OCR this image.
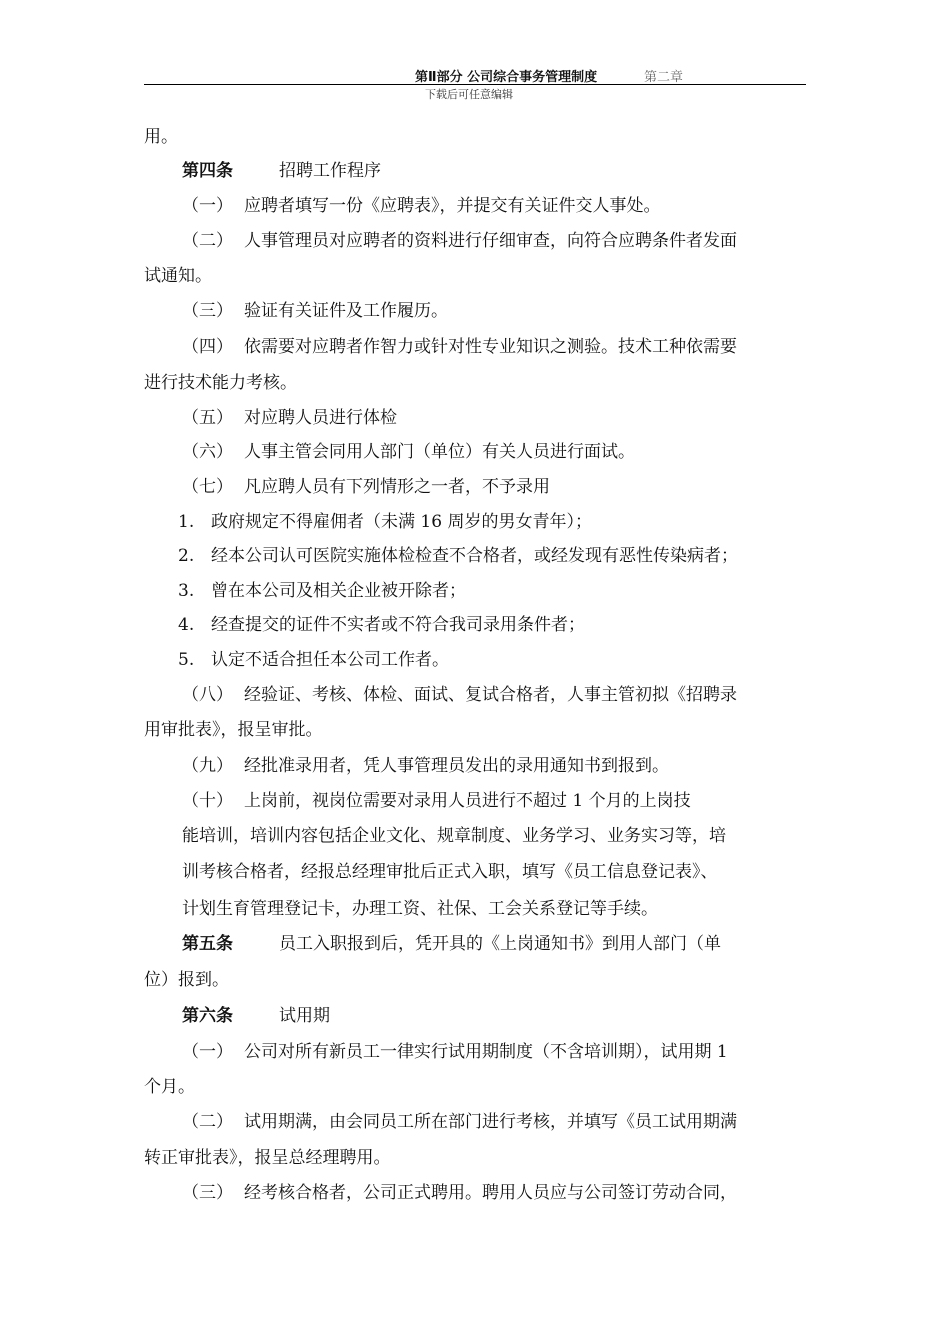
第Ⅱ部分 公司综合事务管理制度	第二章
下载后可任意编辑
用。
第四条	招聘工作程序
（一） 应聘者填写一份《应聘表》，并提交有关证件交人事处。
（二） 人事管理员对应聘者的资料进行仔细审查，向符合应聘条件者发面
试通知。
（三） 验证有关证件及工作履历。
（四） 依需要对应聘者作智力或针对性专业知识之测验。技术工种依需要
进行技术能力考核。
（五） 对应聘人员进行体检
（六） 人事主管会同用人部门（单位）有关人员进行面试。
（七） 凡应聘人员有下列情形之一者，不予录用
1. 政府规定不得雇佣者（未满 16 周岁的男女青年）；
2. 经本公司认可医院实施体检检查不合格者，或经发现有恶性传染病者；
3. 曾在本公司及相关企业被开除者；
4. 经查提交的证件不实者或不符合我司录用条件者；
5. 认定不适合担任本公司工作者。
（八） 经验证、考核、体检、面试、复试合格者，人事主管初拟《招聘录
用审批表》，报呈审批。
（九） 经批准录用者，凭人事管理员发出的录用通知书到报到。
（十） 上岗前，视岗位需要对录用人员进行不超过 1 个月的上岗技
能培训，培训内容包括企业文化、规章制度、业务学习、业务实习等，培
训考核合格者，经报总经理审批后正式入职，填写《员工信息登记表》、
计划生育管理登记卡，办理工资、社保、工会关系登记等手续。
第五条	员工入职报到后，凭开具的《上岗通知书》到用人部门（单
位）报到。
第六条	试用期
（一） 公司对所有新员工一律实行试用期制度（不含培训期），试用期 1
个月。
（二） 试用期满，由会同员工所在部门进行考核，并填写《员工试用期满
转正审批表》，报呈总经理聘用。
（三） 经考核合格者，公司正式聘用。聘用人员应与公司签订劳动合同，
